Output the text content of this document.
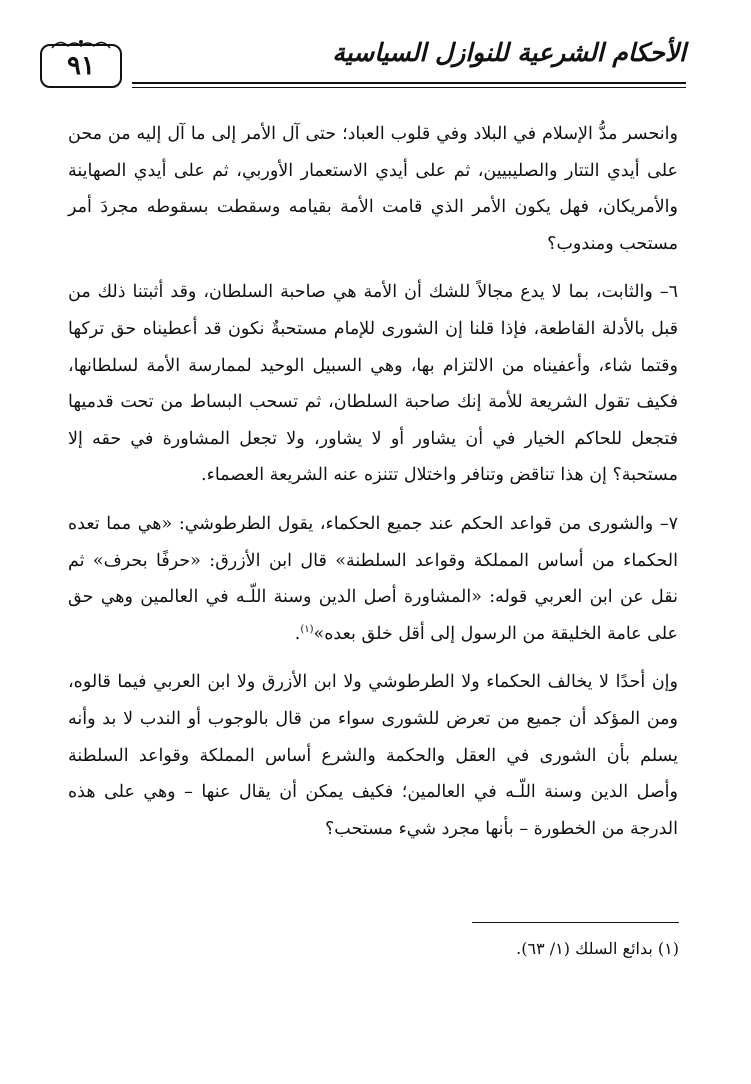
٩١	الأحكام الشرعية للنوازل السياسية

وانحسر مدُّ الإسلام في البلاد وفي قلوب العباد؛ حتى آل الأمر إلى ما آل إليه من محن على أيدي التتار والصليبيين، ثم على أيدي الاستعمار الأوربي، ثم على أيدي الصهاينة والأمريكان، فهل يكون الأمر الذي قامت الأمة بقيامه وسقطت بسقوطه مجردَ أمر مستحب ومندوب؟

٦– والثابت، بما لا يدع مجالاً للشك أن الأمة هي صاحبة السلطان، وقد أثبتنا ذلك من قبل بالأدلة القاطعة، فإذا قلنا إن الشورى للإمام مستحبةٌ نكون قد أعطيناه حق تركها وقتما شاء، وأعفيناه من الالتزام بها، وهي السبيل الوحيد لممارسة الأمة لسلطانها، فكيف تقول الشريعة للأمة إنك صاحبة السلطان، ثم تسحب البساط من تحت قدميها فتجعل للحاكم الخيار في أن يشاور أو لا يشاور، ولا تجعل المشاورة في حقه إلا مستحبة؟ إن هذا تناقض وتنافر واختلال تتنزه عنه الشريعة العصماء.

٧– والشورى من قواعد الحكم عند جميع الحكماء، يقول الطرطوشي: «هي مما تعده الحكماء من أساس المملكة وقواعد السلطنة» قال ابن الأزرق: «حرفًا بحرف» ثم نقل عن ابن العربي قوله: «المشاورة أصل الدين وسنة اللّـه في العالمين وهي حق على عامة الخليقة من الرسول إلى أقل خلق بعده»$^{(١)}$.

وإن أحدًا لا يخالف الحكماء ولا الطرطوشي ولا ابن الأزرق ولا ابن العربي فيما قالوه، ومن المؤكد أن جميع من تعرض للشورى سواء من قال بالوجوب أو الندب لا بد وأنه يسلم بأن الشورى في العقل والحكمة والشرع أساس المملكة وقواعد السلطنة وأصل الدين وسنة اللّـه في العالمين؛ فكيف يمكن أن يقال عنها – وهي على هذه الدرجة من الخطورة – بأنها مجرد شيء مستحب؟

(١) بدائع السلك (١/ ٦٣).
